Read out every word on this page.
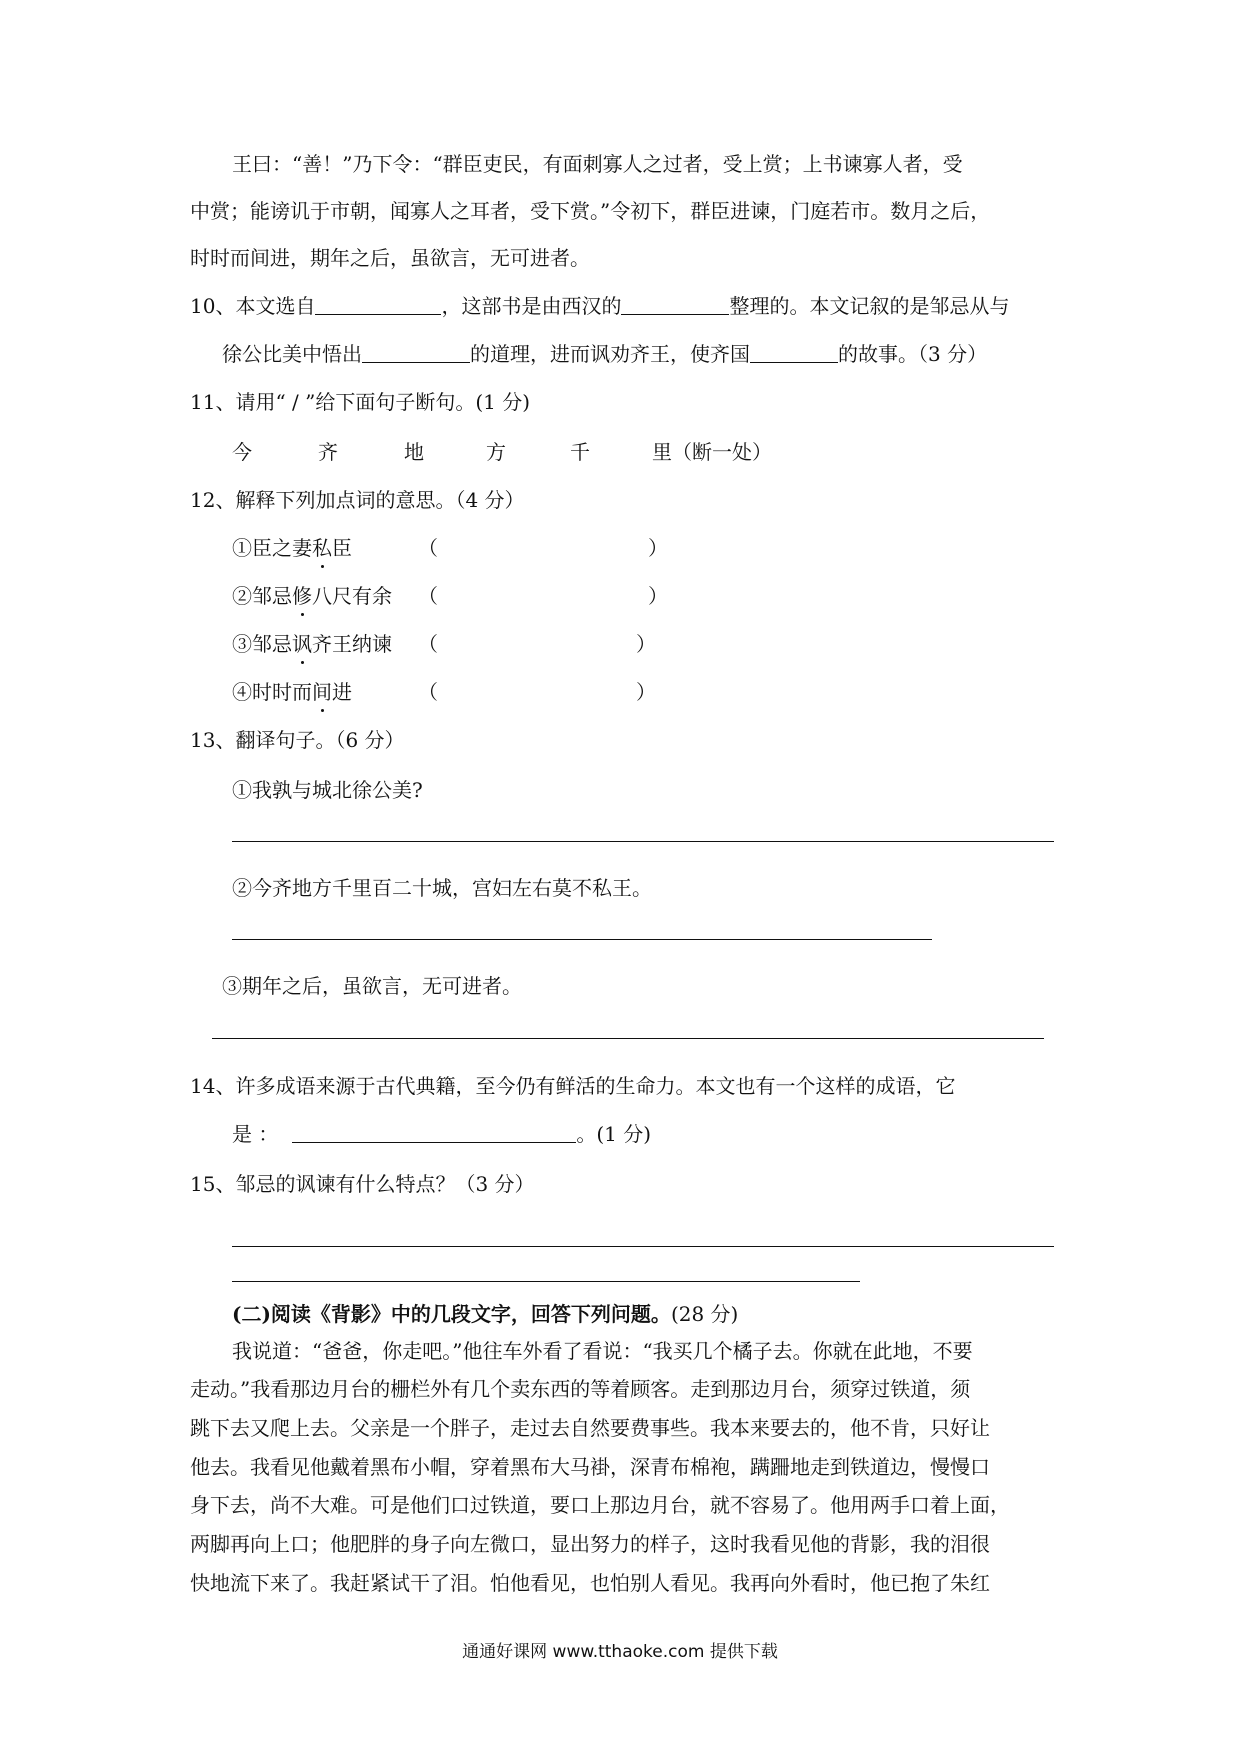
王曰：“善！”乃下令：“群臣吏民，有面刺寡人之过者，受上赏；上书谏寡人者，受
中赏；能谤讥于市朝，闻寡人之耳者，受下赏。”令初下，群臣进谏，门庭若市。数月之后，
时时而间进，期年之后，虽欲言，无可进者。
10、本文选自	，这部书是由西汉的	整理的。本文记叙的是邹忌从与
徐公比美中悟出	的道理，进而讽劝齐王，使齐国	的故事。（3 分）
11、请用“ / ”给下面句子断句。(1 分)
今	齐	地	方	千	里（断一处）
12、解释下列加点词的意思。（4 分）
①臣之妻私臣	（	）
②邹忌修八尺有余 （	）
③邹忌讽齐王纳谏 （	）
④时时而间进	（	）
13、翻译句子。（6 分）
①我孰与城北徐公美?
②今齐地方千里百二十城，宫妇左右莫不私王。
③期年之后，虽欲言，无可进者。
14、许多成语来源于古代典籍，至今仍有鲜活的生命力。本文也有一个这样的成语，它
是 ：	。(1 分)
15、邹忌的讽谏有什么特点？（3 分）
(二)阅读《背影》中的几段文字，回答下列问题。(28 分)
我说道：“爸爸，你走吧。”他往车外看了看说：“我买几个橘子去。你就在此地，不要
走动。”我看那边月台的栅栏外有几个卖东西的等着顾客。走到那边月台，须穿过铁道，须
跳下去又爬上去。父亲是一个胖子，走过去自然要费事些。我本来要去的，他不肯，只好让
他去。我看见他戴着黑布小帽，穿着黑布大马褂，深青布棉袍，蹒跚地走到铁道边，慢慢口
身下去，尚不大难。可是他们口过铁道，要口上那边月台，就不容易了。他用两手口着上面，
两脚再向上口；他肥胖的身子向左微口，显出努力的样子，这时我看见他的背影，我的泪很
快地流下来了。我赶紧试干了泪。怕他看见，也怕别人看见。我再向外看时，他已抱了朱红
通通好课网 www.tthaoke.com 提供下载
